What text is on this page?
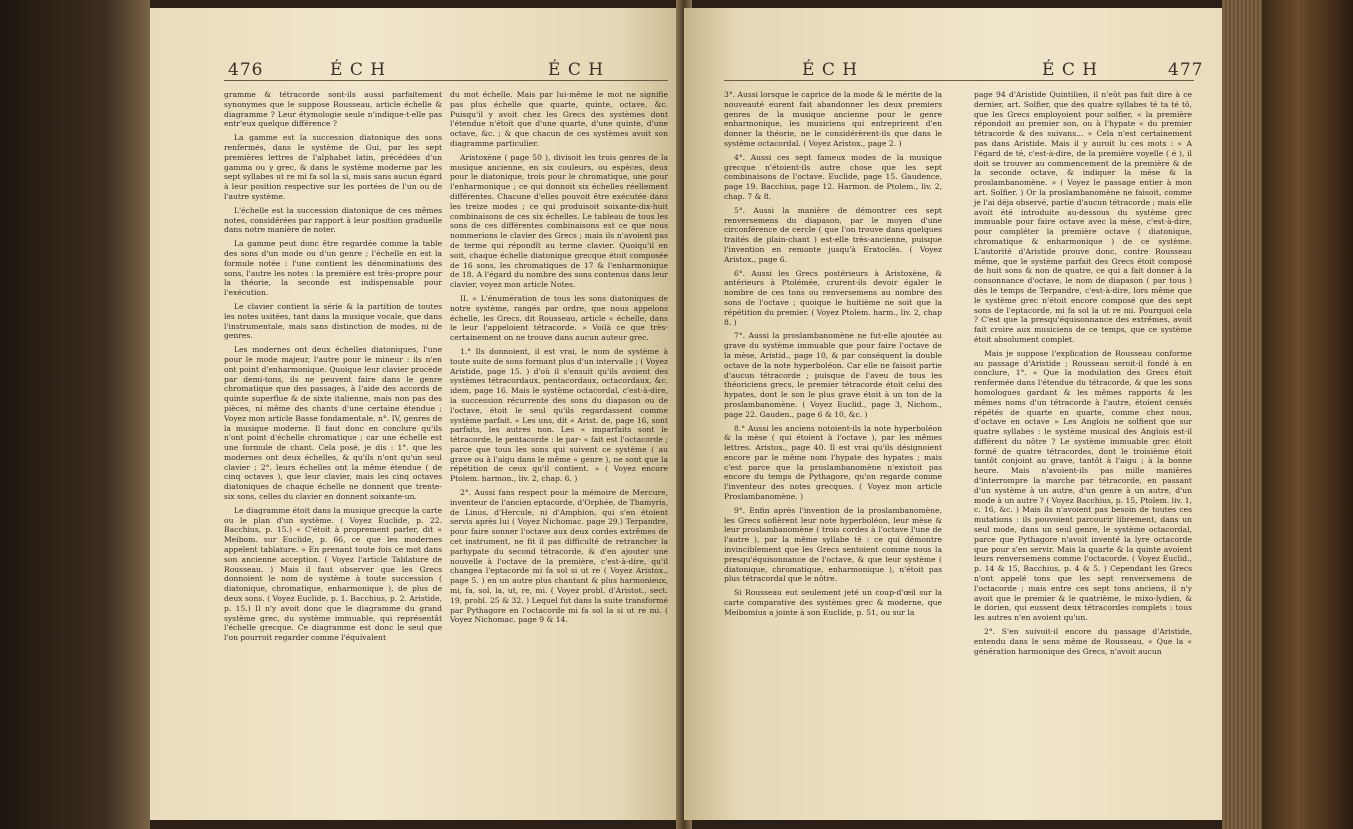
476	É C H	É C H

gramme & tétracorde sont-ils aussi parfaitement synonymes que le suppose Rousseau, article échelle & diagramme ? Leur étymologie seule n'indique-t-elle pas entr'eux quelque différence ?

La gamme est la succession diatonique des sons renfermés, dans le système de Gui, par les sept premières lettres de l'alphabet latin, précédées d'un gamma ou γ grec, & dans le système moderne par les sept syllabes ut re mi fa sol la si, mais sans aucun égard à leur position respective sur les portées de l'un ou de l'autre système.

L'échelle est la succession diatonique de ces mêmes notes, considérées par rapport à leur position graduelle dans notre manière de noter.

La gamme peut donc être regardée comme la table des sons d'un mode ou d'un genre ; l'échelle en est la formule notée : l'une contient les dénominations des sons, l'autre les notes : la première est très-propre pour la théorie, la seconde est indispensable pour l'exécution.

Le clavier contient la série & la partition de toutes les notes usitées, tant dans la musique vocale, que dans l'instrumentale, mais sans distinction de modes, ni de genres.

Les modernes ont deux échelles diatoniques, l'une pour le mode majeur, l'autre pour le mineur : ils n'en ont point d'enharmonique. Quoique leur clavier procède par demi-tons, ils ne peuvent faire dans le genre chromatique que des passages, à l'aide des accords de quinte superflue & de sixte italienne, mais non pas des pièces, ni même des chants d'une certaine étendue ; Voyez mon article Basse fondamentale, n°. IV, genres de la musique moderne. Il faut donc en conclure qu'ils n'ont point d'échelle chromatique ; car une échelle est une formule de chant. Cela posé, je dis : 1°. que les modernes ont deux échelles, & qu'ils n'ont qu'un seul clavier ; 2°. leurs échelles ont la même étendue ( de cinq octaves ), que leur clavier, mais les cinq octaves diatoniques de chaque échelle ne donnent que trente-six sons, celles du clavier en donnent soixante-un.

Le diagramme étoit dans la musique grecque la carte ou le plan d'un système. ( Voyez Euclide, p. 22. Bacchius, p. 15.) « C'étoit à proprement parler, dit « Meibom. sur Euclide, p. 66, ce que les modernes appelent tablature. » En prenant toute fois ce mot dans son ancienne acception. ( Voyez l'article Tablature de Rousseau. ) Mais il faut observer que les Grecs donnoient le nom de système à toute succession ( diatonique, chromatique, enharmonique ), de plus de deux sons. ( Voyez Euclide, p. 1. Bacchius, p. 2. Aristide, p. 15.) Il n'y avoit donc que le diagramme du grand système grec, du système immuable, qui représentât l'échelle grecque. Ce diagramme est donc le seul que l'on pourroit regarder comme l'équivalent

du mot échelle. Mais par lui-même le mot ne signifie pas plus échelle que quarte, quinte, octave, &c. Puisqu'il y avoit chez les Grecs des systèmes dont l'étendue n'étoit que d'une quarte, d'une quinte, d'une octave, &c. ; & que chacun de ces systèmes avoit son diagramme particulier.

Aristoxène ( page 50 ), divisoit les trois genres de la musique ancienne, en six couleurs, ou espèces, deux pour le diatonique, trois pour le chromatique, une pour l'enharmonique ; ce qui donnoit six échelles réellement différentes. Chacune d'elles pouvoit être exécutée dans les treize modes ; ce qui produisoit soixante-dix-huit combinaisons de ces six échelles. Le tableau de tous les sons de ces différentes combinaisons est ce que nous nommerions le clavier des Grecs ; mais ils n'avoient pas de terme qui répondît au terme clavier. Quoiqu'il en soit, chaque échelle diatonique grecque étoit composée de 16 sons, les chromatiques de 17 & l'enharmonique de 18. A l'égard du nombre des sons contenus dans leur clavier, voyez mon article Notes.

II. « L'énumération de tous les sons diatoniques de notre système, rangés par ordre, que nous appelons échelle, les Grecs, dit Rousseau, article « échelle, dans le leur l'appeloient tétracorde. » Voilà ce que très-certainement on ne trouve dans aucun auteur grec.

1.° Ils donnoient, il est vrai, le nom de système à toute suite de sons formant plus d'un intervalle ; ( Voyez Aristide, page 15. ) d'où il s'ensuit qu'ils avoient des systèmes tétracordaux, pentacordaux, octacordaux, &c. idem, page 16. Mais le système octacordal, c'est-à-dire, la succession récurrente des sons du diapason ou de l'octave, étoit le seul qu'ils regardassent comme système parfait. « Les uns, dit « Arist. de, page 16, sont parfaits, les autres non. Les « imparfaits sont le tétracorde, le pentacorde : le par- « fait est l'octacorde ; parce que tous les sons qui suivent ce système ( au grave ou à l'aigu dans le même « genre ), ne sont que la répétition de ceux qu'il contient. » ( Voyez encore Ptolem. harmon., liv. 2, chap. 6. )

2°. Aussi fans respect pour la mémoire de Mercure, inventeur de l'ancien eptacorde, d'Orphée, de Thamyris, de Linus, d'Hercule, ni d'Amphion, qui s'en étoient servis après lui ( Voyez Nichomac. page 29.) Terpandre, pour faire sonner l'octave aux deux cordes extrêmes de cet instrument, ne fit il pas difficulté de retrancher la parhypate du second tétracorde, & d'en ajouter une nouvelle à l'octave de la première, c'est-à-dire, qu'il changea l'eptacorde mi fa sol si ut re ( Voyez Aristox., page 5. ) en un autre plus chantant & plus harmonieux, mi, fa, sol, la, ut, re, mi. ( Voyez probl. d'Aristot., sect. 19, probl. 25 & 32. ) Lequel fut dans la suite transformé par Pythagore en l'octacorde mi fa sol la si ut re mi. ( Voyez Nichomac. page 9 & 14.

É C H	É C H	477

3°. Aussi lorsque le caprice de la mode & le mérite de la nouveauté eurent fait abandonner les deux premiers genres de la musique ancienne pour le genre enharmonique, les musiciens qui entreprirent d'en donner la théorie, ne le considérèrent-ils que dans le système octacordal. ( Voyez Aristox., page 2. )

4°. Aussi ces sept fameux modes de la musique grecque n'étoient-ils autre chose que les sept combinaisons de l'octave. Euclide, page 15. Gaudence, page 19. Bacchius, page 12. Harmon. de Ptolem., liv. 2, chap. 7 & 8.

5°. Aussi la manière de démontrer ces sept renversemens du diapason, par le moyen d'une circonférence de cercle ( que l'on trouve dans quelques traités de plain-chant ) est-elle très-ancienne, puisque l'invention en remonte jusqu'à Eratoclès. ( Voyez Aristox., page 6.

6°. Aussi les Grecs postérieurs à Aristoxène, & antérieurs à Ptolémée, crurent-ils devoir égaler le nombre de ces tons ou renversemens au nombre des sons de l'octave ; quoique le huitième ne soit que la répétition du premier. ( Voyez Ptolem. harm., liv. 2, chap 8. )

7°. Aussi la proslambanomène ne fut-elle ajoutée au grave du système immuable que pour faire l'octave de la mèse, Aristid., page 10, & par conséquent la double octave de la note hyperboléon. Car elle ne faisoit partie d'aucun tétracorde ; puisque de l'aveu de tous les théoriciens grecs, le premier tétracorde étoit celui des hypates, dont le son le plus grave étoit à un ton de la proslambanomène. ( Voyez Euclid., page 3, Nichom., page 22. Gauden., page 6 & 10, &c. )

8.° Aussi les anciens notoient-ils la note hyperboléon & la mèse ( qui étoient à l'octave ), par les mêmes lettres. Aristox., page 40. Il est vrai qu'ils désignoient encore par le même nom l'hypate des hypates ; mais c'est parce que la proslambanomène n'existoit pas encore du temps de Pythagore, qu'on regarde comme l'inventeur des notes grecques. ( Voyez mon article Proslambanomène. )

9°. Enfin après l'invention de la proslambanomène, les Grecs sofièrent leur note hyperboléon, leur mèse & leur proslambanomène ( trois cordes à l'octave l'une de l'autre ), par la même syllabe té : ce qui démontre invinciblement que les Grecs sentoient comme nous la presqu'équisonnance de l'octave, & que leur système ( diatonique, chromatique, enharmonique ), n'étoit pas plus tétracordal que le nôtre.

Si Rousseau eut seulement jeté un coup-d'œil sur la carte comparative des systèmes grec & moderne, que Meibomius a jointe à son Euclide, p. 51, ou sur la

page 94 d'Aristide Quintilien, il n'eût pas fait dire à ce dernier, art. Solfier, que des quatre syllabes té ta té tô, que les Grecs employoient pour solfier, « la première répondoit au premier son, ou à l'hypate « du premier tétracorde & des suivans... » Cela n'est certainement pas dans Aristide. Mais il y auroit lu ces mots : « A l'égard de té, c'est-à-dire, de la première voyelle ( é ), il doit se trouver au commencement de la première & de la seconde octave, & indiquer la mèse & la proslambanomène. » ( Voyez le passage entier à mon art. Solfier. ) Or la proslambanomène ne faisoit, comme je l'ai déja observé, partie d'aucun tétracorde ; mais elle avoit été introduite au-dessous du système grec immuable pour faire octave avec la mèse, c'est-à-dire, pour compléter la première octave ( diatonique, chromatique & enharmonique ) de ce système. L'autorité d'Aristide prouve donc, contre Rousseau même, que le système parfait des Grecs étoit composé de huit sons & non de quatre, ce qui a fait donner à la consonnance d'octave, le nom de diapason ( par tous ) dès le temps de Terpandre, c'est-à-dire, lors même que le système grec n'étoit encore composé que des sept sons de l'eptacorde, mi fa sol la ut re mi. Pourquoi cela ? C'est que la presqu'équisonnance des extrêmes, avoit fait croire aux musiciens de ce temps, que ce système étoit absolument complet.

Mais je suppose l'explication de Rousseau conforme au passage d'Aristide ; Rousseau seroit-il fondé à en conclure, 1°. « Que la modulation des Grecs étoit renfermée dans l'étendue du tétracorde, & que les sons homologues gardant & les mêmes rapports & les mêmes noms d'un tétracorde à l'autre, étoient censés répétés de quarte en quarte, comme chez nous, d'octave en octave » Les Anglois ne solfient que sur quatre syllabes : le système musical des Anglois est-il différent du nôtre ? Le système immuable grec étoit formé de quatre tétracordes, dont le troisième étoit tantôt conjoint au grave, tantôt à l'aigu ; à la bonne heure. Mais n'avoient-ils pas mille manières d'interrompre la marche par tétracorde, en passant d'un système à un autre, d'un genre à un autre, d'un mode à un autre ? ( Voyez Bacchius, p. 15, Ptolem. liv. 1, c. 16, &c. ) Mais ils n'avoient pas besoin de toutes ces mutations : ils pouvoient parcourir librement, dans un seul mode, dans un seul genre, le système octacordal, parce que Pythagore n'avoit inventé la lyre octacorde que pour s'en servir. Mais la quarte & la quinte avoient leurs renversemens comme l'octacorde. ( Voyez Euclid., p. 14 & 15, Bacchius, p. 4 & 5. ) Cependant les Grecs n'ont appelé tons que les sept renversemens de l'octacorde ; mais entre ces sept tons anciens, il n'y avoit que le premier & le quatrième, le mixo-lydien, & le dorien, qui eussent deux tétracordes complets : tous les autres n'en avoient qu'un.

2°. S'en suivoit-il encore du passage d'Aristide, entendu dans le sens même de Rousseau, « Que la « génération harmonique des Grecs, n'avoit aucun
